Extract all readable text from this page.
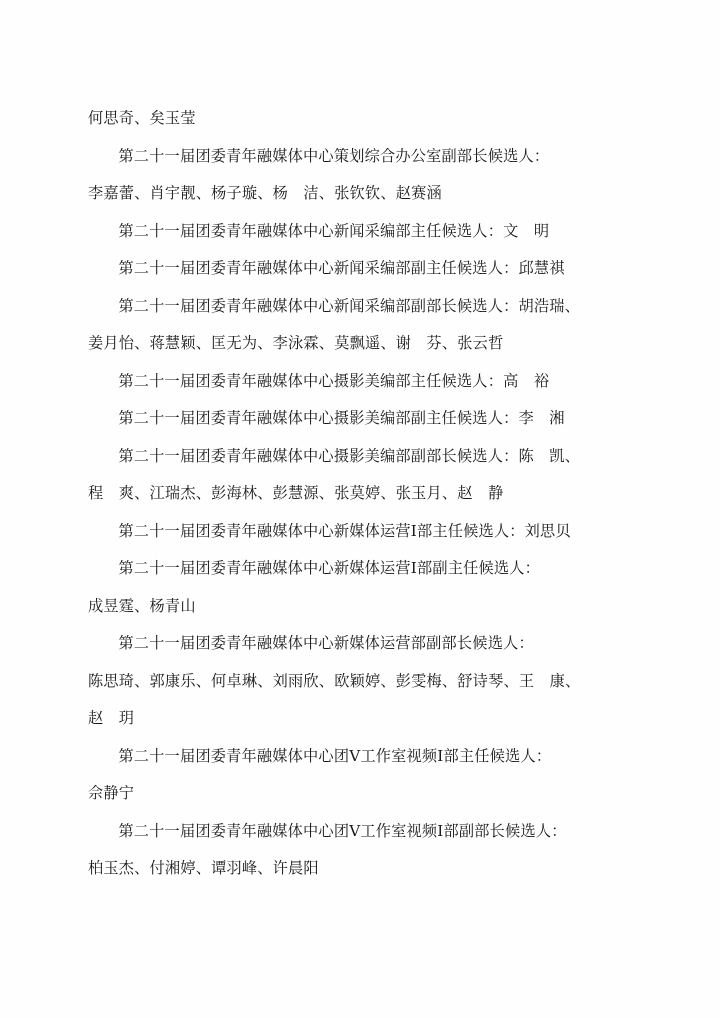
何思奇、矣玉莹

第二十一届团委青年融媒体中心策划综合办公室副部长候选人：

李嘉蕾、肖宇靓、杨子璇、杨　洁、张钦钦、赵赛涵

第二十一届团委青年融媒体中心新闻采编部主任候选人：文　明

第二十一届团委青年融媒体中心新闻采编部副主任候选人：邱慧祺

第二十一届团委青年融媒体中心新闻采编部副部长候选人：胡浩瑞、

姜月怡、蒋慧颖、匡无为、李泳霖、莫飘遥、谢　芬、张云哲

第二十一届团委青年融媒体中心摄影美编部主任候选人：高　裕

第二十一届团委青年融媒体中心摄影美编部副主任候选人：李　湘

第二十一届团委青年融媒体中心摄影美编部副部长候选人：陈　凯、

程　爽、江瑞杰、彭海林、彭慧源、张莫婷、张玉月、赵　静

第二十一届团委青年融媒体中心新媒体运营Ⅰ部主任候选人：刘思贝

第二十一届团委青年融媒体中心新媒体运营Ⅰ部副主任候选人：

成昱霆、杨青山

第二十一届团委青年融媒体中心新媒体运营部副部长候选人：

陈思琦、郭康乐、何卓琳、刘雨欣、欧颖婷、彭雯梅、舒诗琴、王　康、

赵　玥

第二十一届团委青年融媒体中心团Ⅴ工作室视频Ⅰ部主任候选人：

佘静宁

第二十一届团委青年融媒体中心团Ⅴ工作室视频Ⅰ部副部长候选人：

柏玉杰、付湘婷、谭羽峰、许晨阳
